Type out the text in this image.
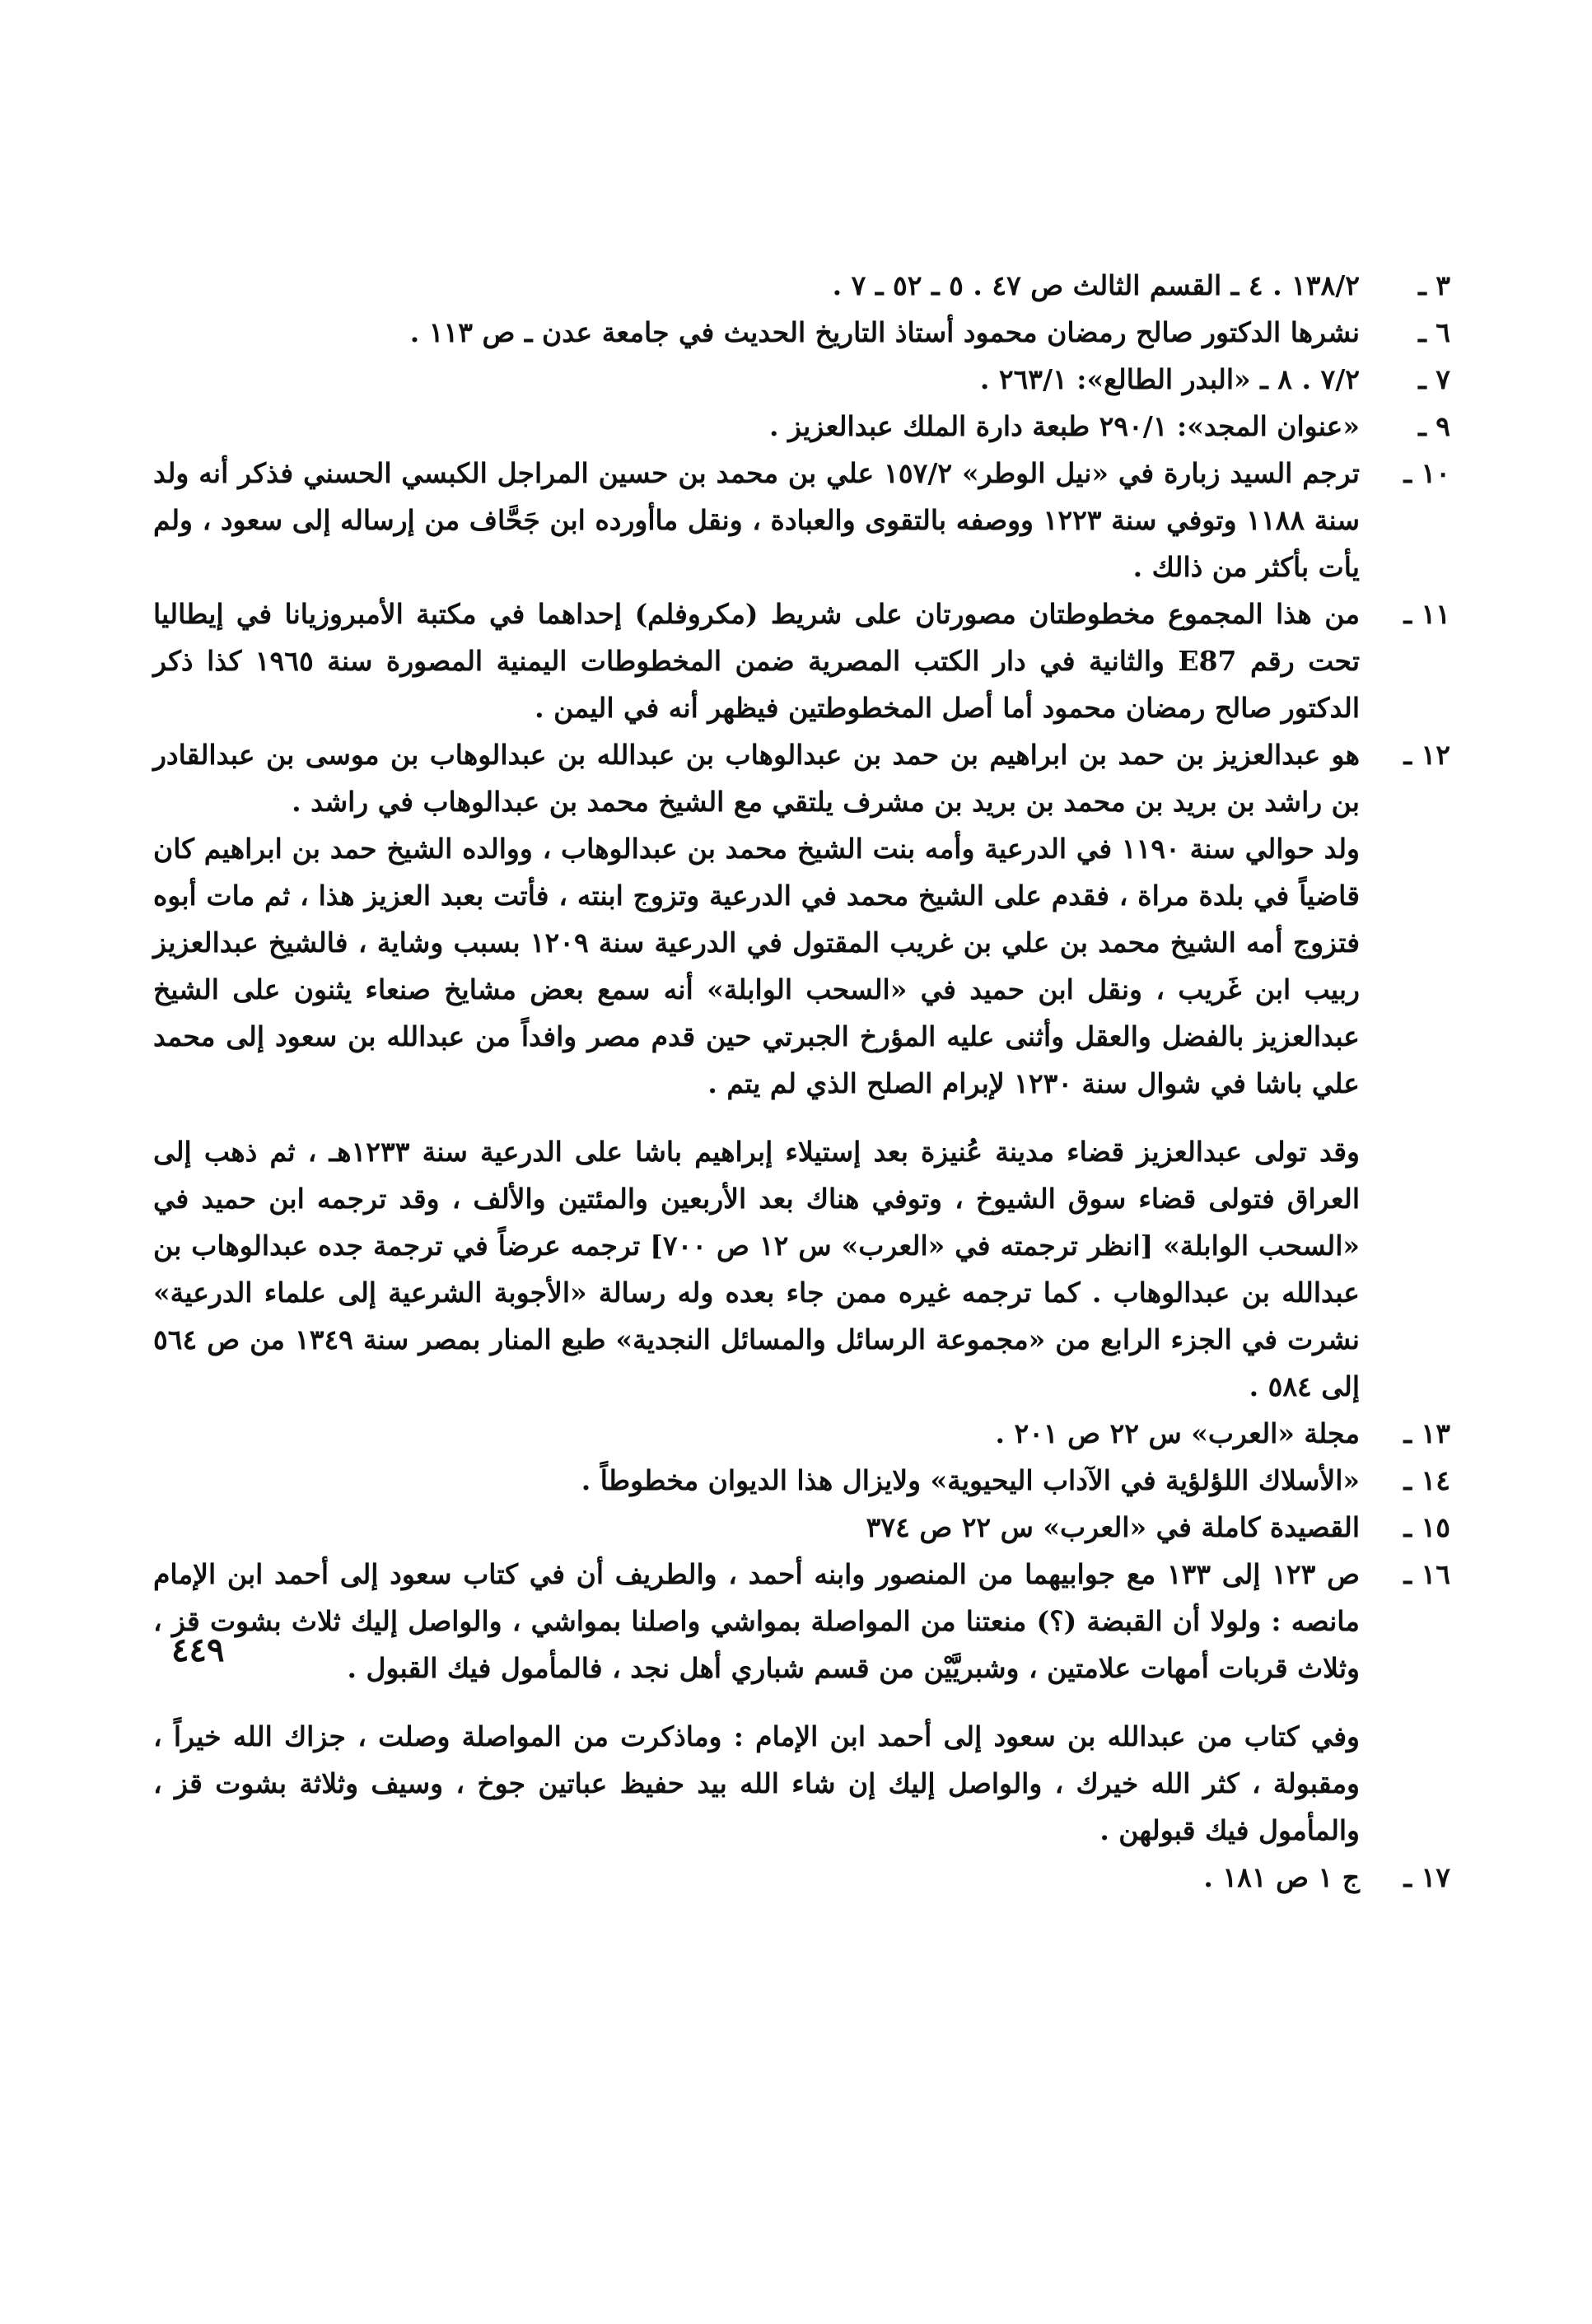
٣ ـ

١٣٨/٢ . ٤ ـ القسم الثالث ص ٤٧ . ٥ ـ ٥٢ ـ ٧ .

٦ ـ

نشرها الدكتور صالح رمضان محمود أستاذ التاريخ الحديث في جامعة عدن ـ ص ١١٣ .

٧ ـ

٧/٢ . ٨ ـ «البدر الطالع»: ٢٦٣/١ .

٩ ـ

«عنوان المجد»: ٢٩٠/١ طبعة دارة الملك عبدالعزيز .

١٠ ـ

ترجم السيد زبارة في «نيل الوطر» ١٥٧/٢ علي بن محمد بن حسين المراجل الكبسي الحسني فذكر أنه ولد سنة ١١٨٨ وتوفي سنة ١٢٢٣ ووصفه بالتقوى والعبادة ، ونقل ماأورده ابن جَحَّاف من إرساله إلى سعود ، ولم يأت بأكثر من ذالك .

١١ ـ

من هذا المجموع مخطوطتان مصورتان على شريط (مكروفلم) إحداهما في مكتبة الأمبروزيانا في إيطاليا تحت رقم E87 والثانية في دار الكتب المصرية ضمن المخطوطات اليمنية المصورة سنة ١٩٦٥ كذا ذكر الدكتور صالح رمضان محمود أما أصل المخطوطتين فيظهر أنه في اليمن .

١٢ ـ

هو عبدالعزيز بن حمد بن ابراهيم بن حمد بن عبدالوهاب بن عبدالله بن عبدالوهاب بن موسى بن عبدالقادر بن راشد بن بريد بن محمد بن بريد بن مشرف يلتقي مع الشيخ محمد بن عبدالوهاب في راشد .

ولد حوالي سنة ١١٩٠ في الدرعية وأمه بنت الشيخ محمد بن عبدالوهاب ، ووالده الشيخ حمد بن ابراهيم كان قاضياً في بلدة مراة ، فقدم على الشيخ محمد في الدرعية وتزوج ابنته ، فأتت بعبد العزيز هذا ، ثم مات أبوه فتزوج أمه الشيخ محمد بن علي بن غريب المقتول في الدرعية سنة ١٢٠٩ بسبب وشاية ، فالشيخ عبدالعزيز ربيب ابن غَريب ، ونقل ابن حميد في «السحب الوابلة» أنه سمع بعض مشايخ صنعاء يثنون على الشيخ عبدالعزيز بالفضل والعقل وأثنى عليه المؤرخ الجبرتي حين قدم مصر وافداً من عبدالله بن سعود إلى محمد علي باشا في شوال سنة ١٢٣٠ لإبرام الصلح الذي لم يتم .

وقد تولى عبدالعزيز قضاء مدينة عُنيزة بعد إستيلاء إبراهيم باشا على الدرعية سنة ١٢٣٣هـ ، ثم ذهب إلى العراق فتولى قضاء سوق الشيوخ ، وتوفي هناك بعد الأربعين والمئتين والألف ، وقد ترجمه ابن حميد في «السحب الوابلة» [انظر ترجمته في «العرب» س ١٢ ص ٧٠٠] ترجمه عرضاً في ترجمة جده عبدالوهاب بن عبدالله بن عبدالوهاب . كما ترجمه غيره ممن جاء بعده وله رسالة «الأجوبة الشرعية إلى علماء الدرعية» نشرت في الجزء الرابع من «مجموعة الرسائل والمسائل النجدية» طبع المنار بمصر سنة ١٣٤٩ من ص ٥٦٤ إلى ٥٨٤ .

١٣ ـ

مجلة «العرب» س ٢٢ ص ٢٠١ .

١٤ ـ

«الأسلاك اللؤلؤية في الآداب اليحيوية» ولايزال هذا الديوان مخطوطاً .

١٥ ـ

القصيدة كاملة في «العرب» س ٢٢ ص ٣٧٤

١٦ ـ

ص ١٢٣ إلى ١٣٣ مع جوابيهما من المنصور وابنه أحمد ، والطريف أن في كتاب سعود إلى أحمد ابن الإمام مانصه : ولولا أن القبضة (؟) منعتنا من المواصلة بمواشي واصلنا بمواشي ، والواصل إليك ثلاث بشوت قز ، وثلاث قربات أمهات علامتين ، وشبريَّيْن من قسم شباري أهل نجد ، فالمأمول فيك القبول .

وفي كتاب من عبدالله بن سعود إلى أحمد ابن الإمام : وماذكرت من المواصلة وصلت ، جزاك الله خيراً ، ومقبولة ، كثر الله خيرك ، والواصل إليك إن شاء الله بيد حفيظ عباتين جوخ ، وسيف وثلاثة بشوت قز ، والمأمول فيك قبولهن .

١٧ ـ

ج ١ ص ١٨١ .

٤٤٩
